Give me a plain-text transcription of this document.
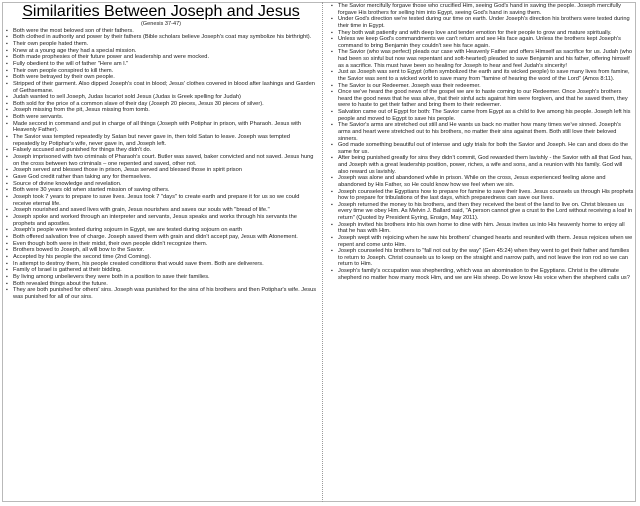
Similarities Between Joseph and Jesus
(Genesis 37-47)
▪ Both were the most beloved son of their fathers.
▪ Both clothed in authority and power by their fathers (Bible scholars believe Joseph's coat may symbolize his birthright).
▪ Their own people hated them.
▪ Knew at a young age they had a special mission.
▪ Both made prophesies of their future power and leadership and were mocked.
▪ Fully obedient to the will of father "Here am I."
▪ Their own people conspired to kill them.
▪ Both were betrayed by their own people.
▪ Stripped of their garment. Also dipped Joseph's coat in blood; Jesus' clothes covered in blood after lashings and Garden of Gethsemane.
▪ Judah wanted to sell Joseph, Judas Iscariot sold Jesus (Judas is Greek spelling for Judah)
▪ Both sold for the price of a common slave of their day (Joseph 20 pieces, Jesus 30 pieces of silver).
▪ Joseph missing from the pit, Jesus missing from tomb.
▪ Both were servants.
▪ Made second in command and put in charge of all things (Joseph with Potiphar in prison, with Pharaoh. Jesus with Heavenly Father).
▪ The Savior was tempted repeatedly by Satan but never gave in, then told Satan to leave. Joseph was tempted repeatedly by Potiphar's wife, never gave in, and Joseph left.
▪ Falsely accused and punished for things they didn't do.
▪ Joseph imprisoned with two criminals of Pharaoh's court. Butler was saved, baker convicted and not saved. Jesus hung on the cross between two criminals – one repented and saved, other not.
▪ Joseph served and blessed those in prison, Jesus served and blessed those in spirit prison
▪ Gave God credit rather than taking any for themselves.
▪ Source of divine knowledge and revelation.
▪ Both were 30 years old when started mission of saving others.
▪ Joseph took 7 years to prepare to save lives. Jesus took 7 "days" to create earth and prepare it for us so we could receive eternal life.
▪ Joseph nourished and saved lives with grain, Jesus nourishes and saves our souls with "bread of life."
▪ Joseph spoke and worked through an interpreter and servants, Jesus speaks and works through his servants the prophets and apostles.
▪ Joseph's people were tested during sojourn in Egypt, we are tested during sojourn on earth
▪ Both offered salvation free of charge. Joseph saved them with grain and didn't accept pay, Jesus with Atonement.
▪ Even though both were in their midst, their own people didn't recognize them.
▪ Brothers bowed to Joseph, all will bow to the Savior.
▪ Accepted by his people the second time (2nd Coming).
▪ In attempt to destroy them, his people created conditions that would save them. Both are deliverers.
▪ Family of Israel is gathered at their bidding.
▪ By living among unbelievers they were both in a position to save their families.
▪ Both revealed things about the future.
▪ They are both punished for others' sins. Joseph was punished for the sins of his brothers and then Potiphar's wife. Jesus was punished for all of our sins.
▪ The Savior mercifully forgave those who crucified Him, seeing God's hand in saving the people. Joseph mercifully forgave His brothers for selling him into Egypt, seeing God's hand in saving them.
▪ Under God's direction we're tested during our time on earth. Under Joseph's direction his brothers were tested during their time in Egypt.
▪ They both wait patiently and with deep love and tender emotion for their people to grow and mature spiritually.
▪ Unless we keep God's commandments we can't return and see His face again. Unless the brothers kept Joseph's command to bring Benjamin they couldn't see his face again.
▪ The Savior (who was perfect) pleads our case with Heavenly Father and offers Himself as sacrifice for us. Judah (who had been so sinful but now was repentant and soft-hearted) pleaded to save Benjamin and his father, offering himself as a sacrifice. This must have been so healing for Joseph to hear and feel Judah's sincerity!
▪ Just as Joseph was sent to Egypt (often symbolized the earth and its wicked people) to save many lives from famine, the Savior was sent to a wicked world to save many from "famine of hearing the word of the Lord" (Amos 8:11).
▪ The Savior is our Redeemer. Joseph was their redeemer.
▪ Once we've heard the good news of the gospel we are to haste coming to our Redeemer. Once Joseph's brothers heard the good news that he was alive, that their sinful acts against him were forgiven, and that he saved them, they were to haste to get their father and bring them to their redeemer.
▪ Salvation came out of Egypt for both: The Savior came from Egypt as a child to live among his people. Joseph left his people and moved to Egypt to save his people.
▪ The Savior's arms are stretched out still and He wants us back no matter how many times we've sinned. Joseph's arms and heart were stretched out to his brothers, no matter their sins against them. Both still love their beloved sinners.
▪ God made something beautiful out of intense and ugly trials for both the Savior and Joseph. He can and does do the same for us.
▪ After being punished greatly for sins they didn't commit, God rewarded them lavishly - the Savior with all that God has, and Joseph with a great leadership position, power, riches, a wife and sons, and a reunion with his family. God will also reward us lavishly.
▪ Joseph was alone and abandoned while in prison. While on the cross, Jesus experienced feeling alone and abandoned by His Father, so He could know how we feel when we sin.
▪ Joseph counseled the Egyptians how to prepare for famine to save their lives. Jesus counsels us through His prophets how to prepare for tribulations of the last days, which preparedness can save our lives.
▪ Joseph returned the money to his brothers, and then they received the best of the land to live on. Christ blesses us every time we obey Him. As Melvin J. Ballard said, "A person cannot give a crust to the Lord without receiving a loaf in return" (Quoted by President Eyring, Ensign, May 2011).
▪ Joseph invited his brothers into his own home to dine with him. Jesus invites us into His heavenly home to enjoy all that he has with Him.
▪ Joseph wept with rejoicing when he saw his brothers' changed hearts and reunited with them. Jesus rejoices when we repent and come unto Him.
▪ Joseph counseled his brothers to "fall not out by the way" (Gen 45:24) when they went to get their father and families to return to Joseph. Christ counsels us to keep on the straight and narrow path, and not leave the iron rod so we can return to Him.
▪ Joseph's family's occupation was shepherding, which was an abomination to the Egyptians. Christ is the ultimate shepherd no matter how many mock Him, and we are His sheep. Do we know His voice when the shepherd calls us?
